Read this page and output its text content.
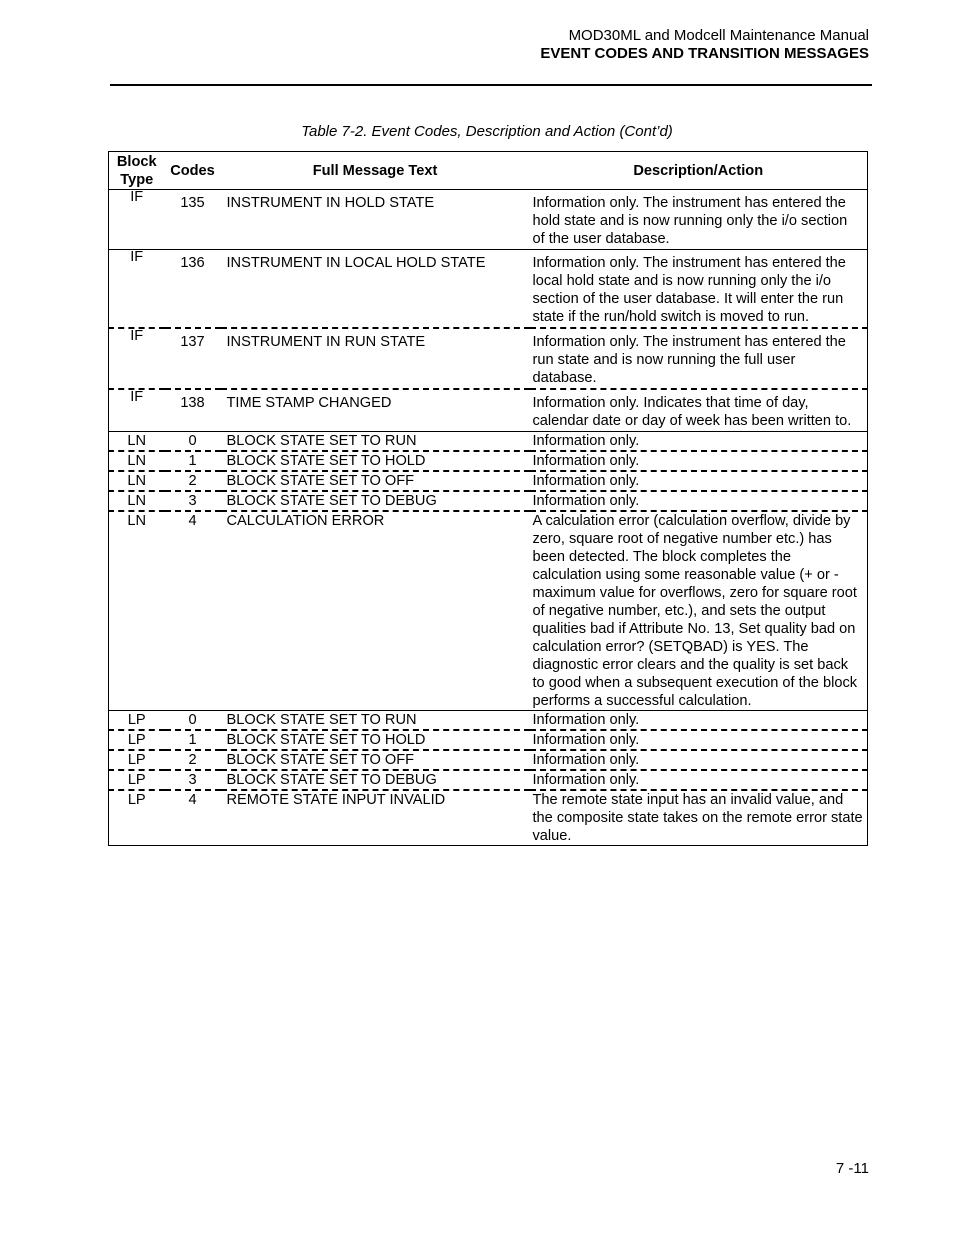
MOD30ML and Modcell Maintenance Manual
EVENT CODES AND TRANSITION MESSAGES
Table 7-2. Event Codes, Description and Action (Cont’d)
Block Type	Codes	Full Message Text	Description/Action
IF	135	INSTRUMENT IN HOLD STATE	Information only. The instrument has entered the hold state and is now running only the i/o section of the user database.
IF	136	INSTRUMENT IN LOCAL HOLD STATE	Information only. The instrument has entered the local hold state and is now running only the i/o section of the user database. It will enter the run state if the run/hold switch is moved to run.
IF	137	INSTRUMENT IN RUN STATE	Information only. The instrument has entered the run state and is now running the full user database.
IF	138	TIME STAMP CHANGED	Information only. Indicates that time of day, calendar date or day of week has been written to.
LN	0	BLOCK STATE SET TO RUN	Information only.
LN	1	BLOCK STATE SET TO HOLD	Information only.
LN	2	BLOCK STATE SET TO OFF	Information only.
LN	3	BLOCK STATE SET TO DEBUG	Information only.
LN	4	CALCULATION ERROR	A calculation error (calculation overflow, divide by zero, square root of negative number etc.) has been detected. The block completes the calculation using some reasonable value (+ or - maximum value for overflows, zero for square root of negative number, etc.), and sets the output qualities bad if Attribute No. 13, Set quality bad on calculation error? (SETQBAD) is YES. The diagnostic error clears and the quality is set back to good when a subsequent execution of the block performs a successful calculation.
LP	0	BLOCK STATE SET TO RUN	Information only.
LP	1	BLOCK STATE SET TO HOLD	Information only.
LP	2	BLOCK STATE SET TO OFF	Information only.
LP	3	BLOCK STATE SET TO DEBUG	Information only.
LP	4	REMOTE STATE INPUT INVALID	The remote state input has an invalid value, and the composite state takes on the remote error state value.
7 -11
